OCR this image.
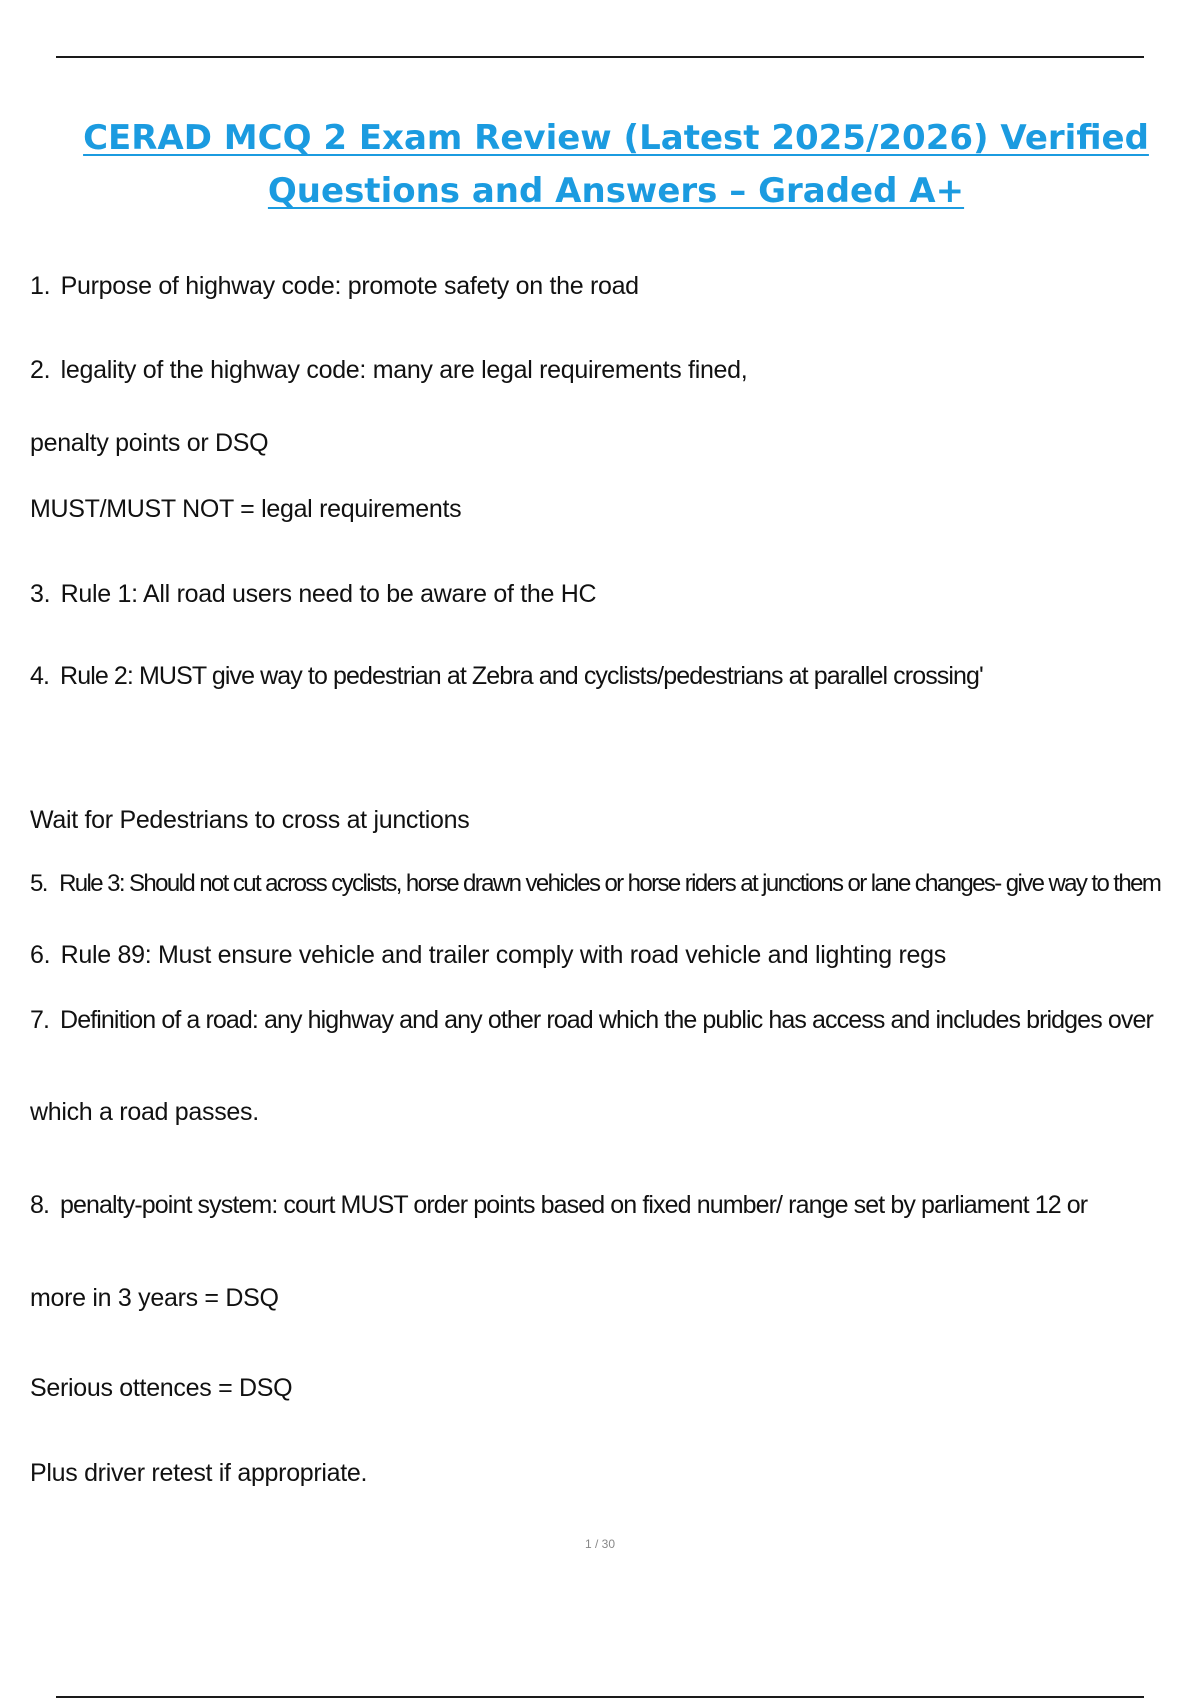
CERAD MCQ 2 Exam Review (Latest 2025/2026) Verified
Questions and Answers – Graded A+
1. Purpose of highway code: promote safety on the road
2. legality of the highway code: many are legal requirements fined,
penalty points or DSQ
MUST/MUST NOT = legal requirements
3. Rule 1: All road users need to be aware of the HC
4. Rule 2: MUST give way to pedestrian at Zebra and cyclists/pedestrians at parallel crossing'
Wait for Pedestrians to cross at junctions
5. Rule 3: Should not cut across cyclists, horse drawn vehicles or horse riders at junctions or lane changes- give way to them
6. Rule 89: Must ensure vehicle and trailer comply with road vehicle and lighting regs
7. Definition of a road: any highway and any other road which the public has access and includes bridges over
which a road passes.
8. penalty-point system: court MUST order points based on fixed number/ range set by parliament 12 or
more in 3 years = DSQ
Serious ottences = DSQ
Plus driver retest if appropriate.
1 / 30
